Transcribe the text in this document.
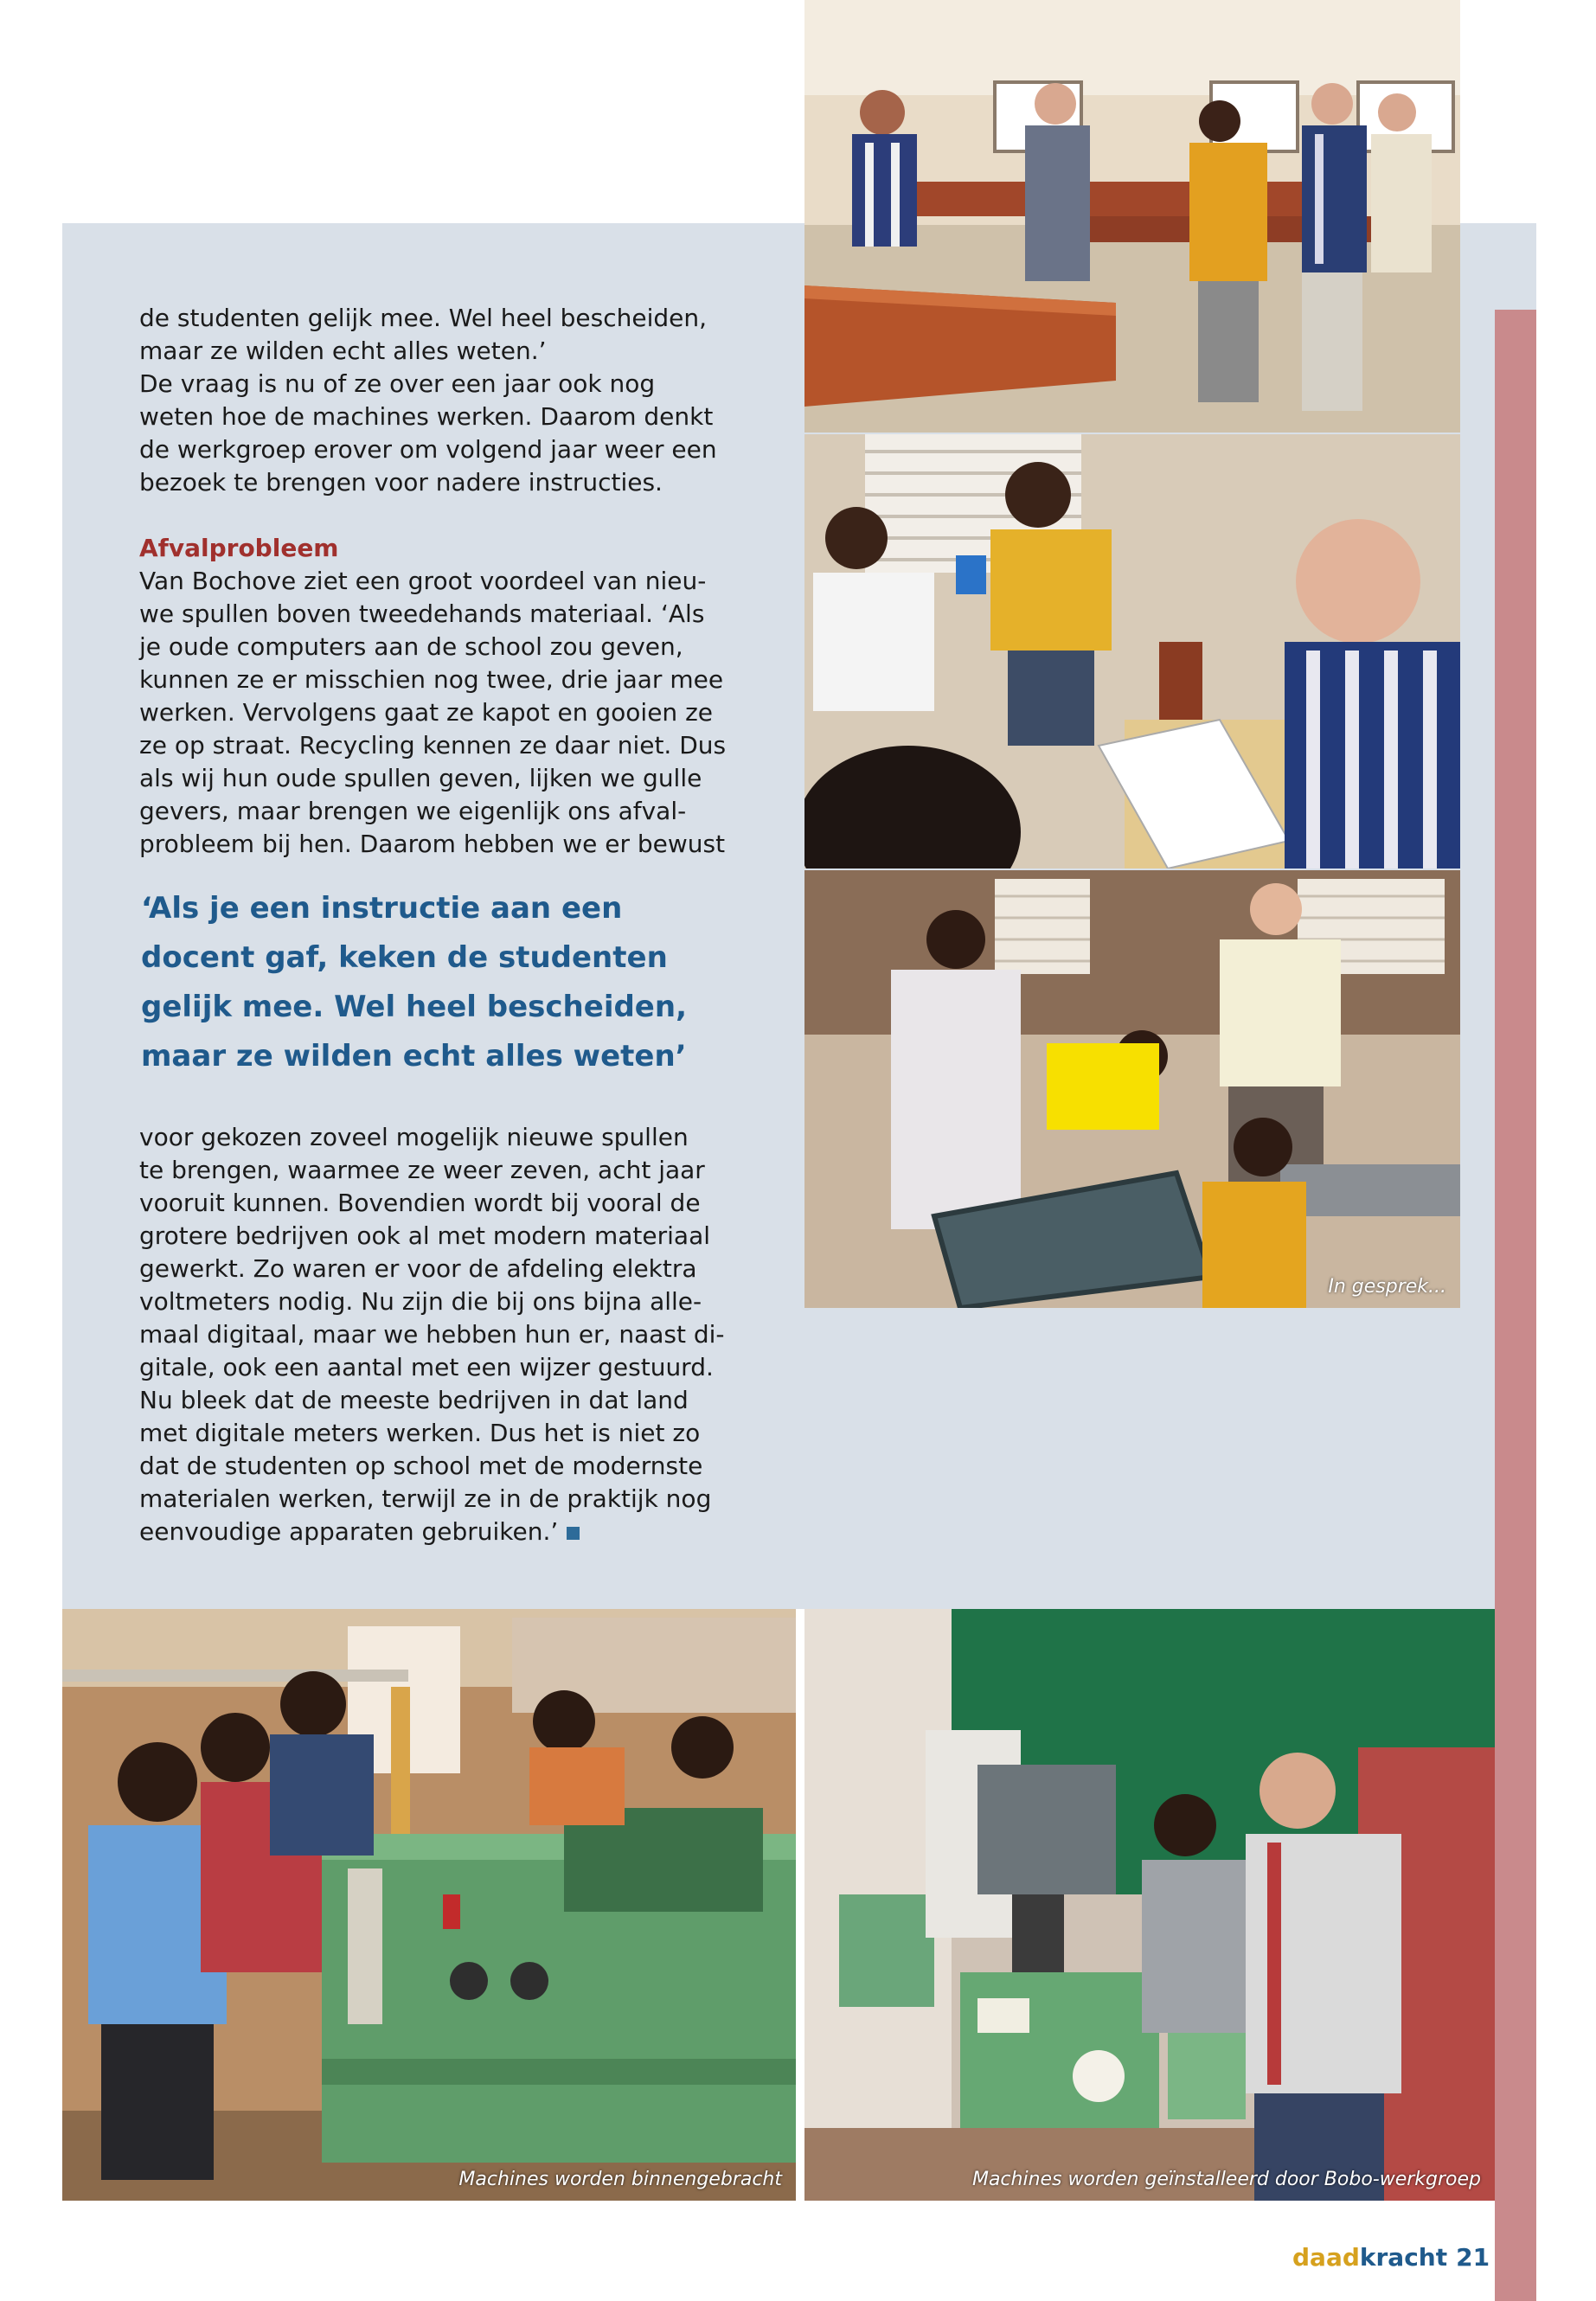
de studenten gelijk mee. Wel heel bescheiden,
maar ze wilden echt alles weten.’
De vraag is nu of ze over een jaar ook nog
weten hoe de machines werken. Daarom denkt
de werkgroep erover om volgend jaar weer een
bezoek te brengen voor nadere instructies.
Afvalprobleem
Van Bochove ziet een groot voordeel van nieu-
we spullen boven tweedehands materiaal. ‘Als
je oude computers aan de school zou geven,
kunnen ze er misschien nog twee, drie jaar mee
werken. Vervolgens gaat ze kapot en gooien ze
ze op straat. Recycling kennen ze daar niet. Dus
als wij hun oude spullen geven, lijken we gulle
gevers, maar brengen we eigenlijk ons afval-
probleem bij hen. Daarom hebben we er bewust
‘Als je een instructie aan een
docent gaf, keken de studenten
gelijk mee. Wel heel bescheiden,
maar ze wilden echt alles weten’
voor gekozen zoveel mogelijk nieuwe spullen
te brengen, waarmee ze weer zeven, acht jaar
vooruit kunnen. Bovendien wordt bij vooral de
grotere bedrijven ook al met modern materiaal
gewerkt. Zo waren er voor de afdeling elektra
voltmeters nodig. Nu zijn die bij ons bijna alle-
maal digitaal, maar we hebben hun er, naast di-
gitale, ook een aantal met een wijzer gestuurd.
Nu bleek dat de meeste bedrijven in dat land
met digitale meters werken. Dus het is niet zo
dat de studenten op school met de modernste
materialen werken, terwijl ze in de praktijk nog
eenvoudige apparaten gebruiken.’
In gesprek...
Machines worden binnengebracht	Machines worden geïnstalleerd door Bobo-werkgroep
daadkracht 21
